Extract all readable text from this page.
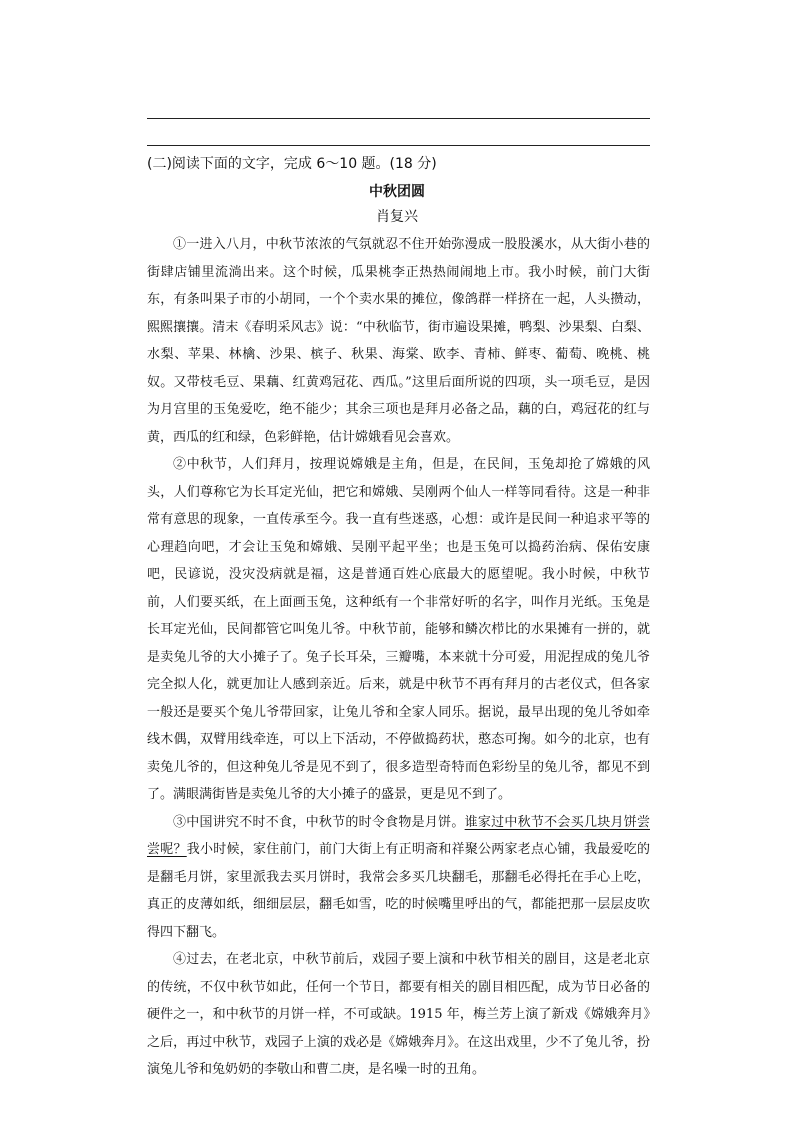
(二)阅读下面的文字，完成 6～10 题。(18 分)
中秋团圆
肖复兴

①一进入八月，中秋节浓浓的气氛就忍不住开始弥漫成一股股溪水，从大街小巷的街肆店铺里流淌出来。这个时候，瓜果桃李正热热闹闹地上市。我小时候，前门大街东，有条叫果子市的小胡同，一个个卖水果的摊位，像鸽群一样挤在一起，人头攒动，熙熙攘攘。清末《春明采风志》说：“中秋临节，街市遍设果摊，鸭梨、沙果梨、白梨、水梨、苹果、林檎、沙果、槟子、秋果、海棠、欧李、青柿、鲜枣、葡萄、晚桃、桃奴。又带枝毛豆、果藕、红黄鸡冠花、西瓜。”这里后面所说的四项，头一项毛豆，是因为月宫里的玉兔爱吃，绝不能少；其余三项也是拜月必备之品，藕的白，鸡冠花的红与黄，西瓜的红和绿，色彩鲜艳，估计嫦娥看见会喜欢。

②中秋节，人们拜月，按理说嫦娥是主角，但是，在民间，玉兔却抢了嫦娥的风头，人们尊称它为长耳定光仙，把它和嫦娥、吴刚两个仙人一样等同看待。这是一种非常有意思的现象，一直传承至今。我一直有些迷惑，心想：或许是民间一种追求平等的心理趋向吧，才会让玉兔和嫦娥、吴刚平起平坐；也是玉兔可以捣药治病、保佑安康吧，民谚说，没灾没病就是福，这是普通百姓心底最大的愿望呢。我小时候，中秋节前，人们要买纸，在上面画玉兔，这种纸有一个非常好听的名字，叫作月光纸。玉兔是长耳定光仙，民间都管它叫兔儿爷。中秋节前，能够和鳞次栉比的水果摊有一拼的，就是卖兔儿爷的大小摊子了。兔子长耳朵，三瓣嘴，本来就十分可爱，用泥捏成的兔儿爷完全拟人化，就更加让人感到亲近。后来，就是中秋节不再有拜月的古老仪式，但各家一般还是要买个兔儿爷带回家，让兔儿爷和全家人同乐。据说，最早出现的兔儿爷如牵线木偶，双臂用线牵连，可以上下活动，不停做捣药状，憨态可掬。如今的北京，也有卖兔儿爷的，但这种兔儿爷是见不到了，很多造型奇特而色彩纷呈的兔儿爷，都见不到了。满眼满街皆是卖兔儿爷的大小摊子的盛景，更是见不到了。

③中国讲究不时不食，中秋节的时令食物是月饼。谁家过中秋节不会买几块月饼尝尝呢？我小时候，家住前门，前门大街上有正明斋和祥聚公两家老点心铺，我最爱吃的是翻毛月饼，家里派我去买月饼时，我常会多买几块翻毛，那翻毛必得托在手心上吃，真正的皮薄如纸，细细层层，翻毛如雪，吃的时候嘴里呼出的气，都能把那一层层皮吹得四下翻飞。

④过去，在老北京，中秋节前后，戏园子要上演和中秋节相关的剧目，这是老北京的传统，不仅中秋节如此，任何一个节日，都要有相关的剧目相匹配，成为节日必备的硬件之一，和中秋节的月饼一样，不可或缺。1915 年，梅兰芳上演了新戏《嫦娥奔月》之后，再过中秋节，戏园子上演的戏必是《嫦娥奔月》。在这出戏里，少不了兔儿爷，扮演兔儿爷和兔奶奶的李敬山和曹二庚，是名噪一时的丑角。
